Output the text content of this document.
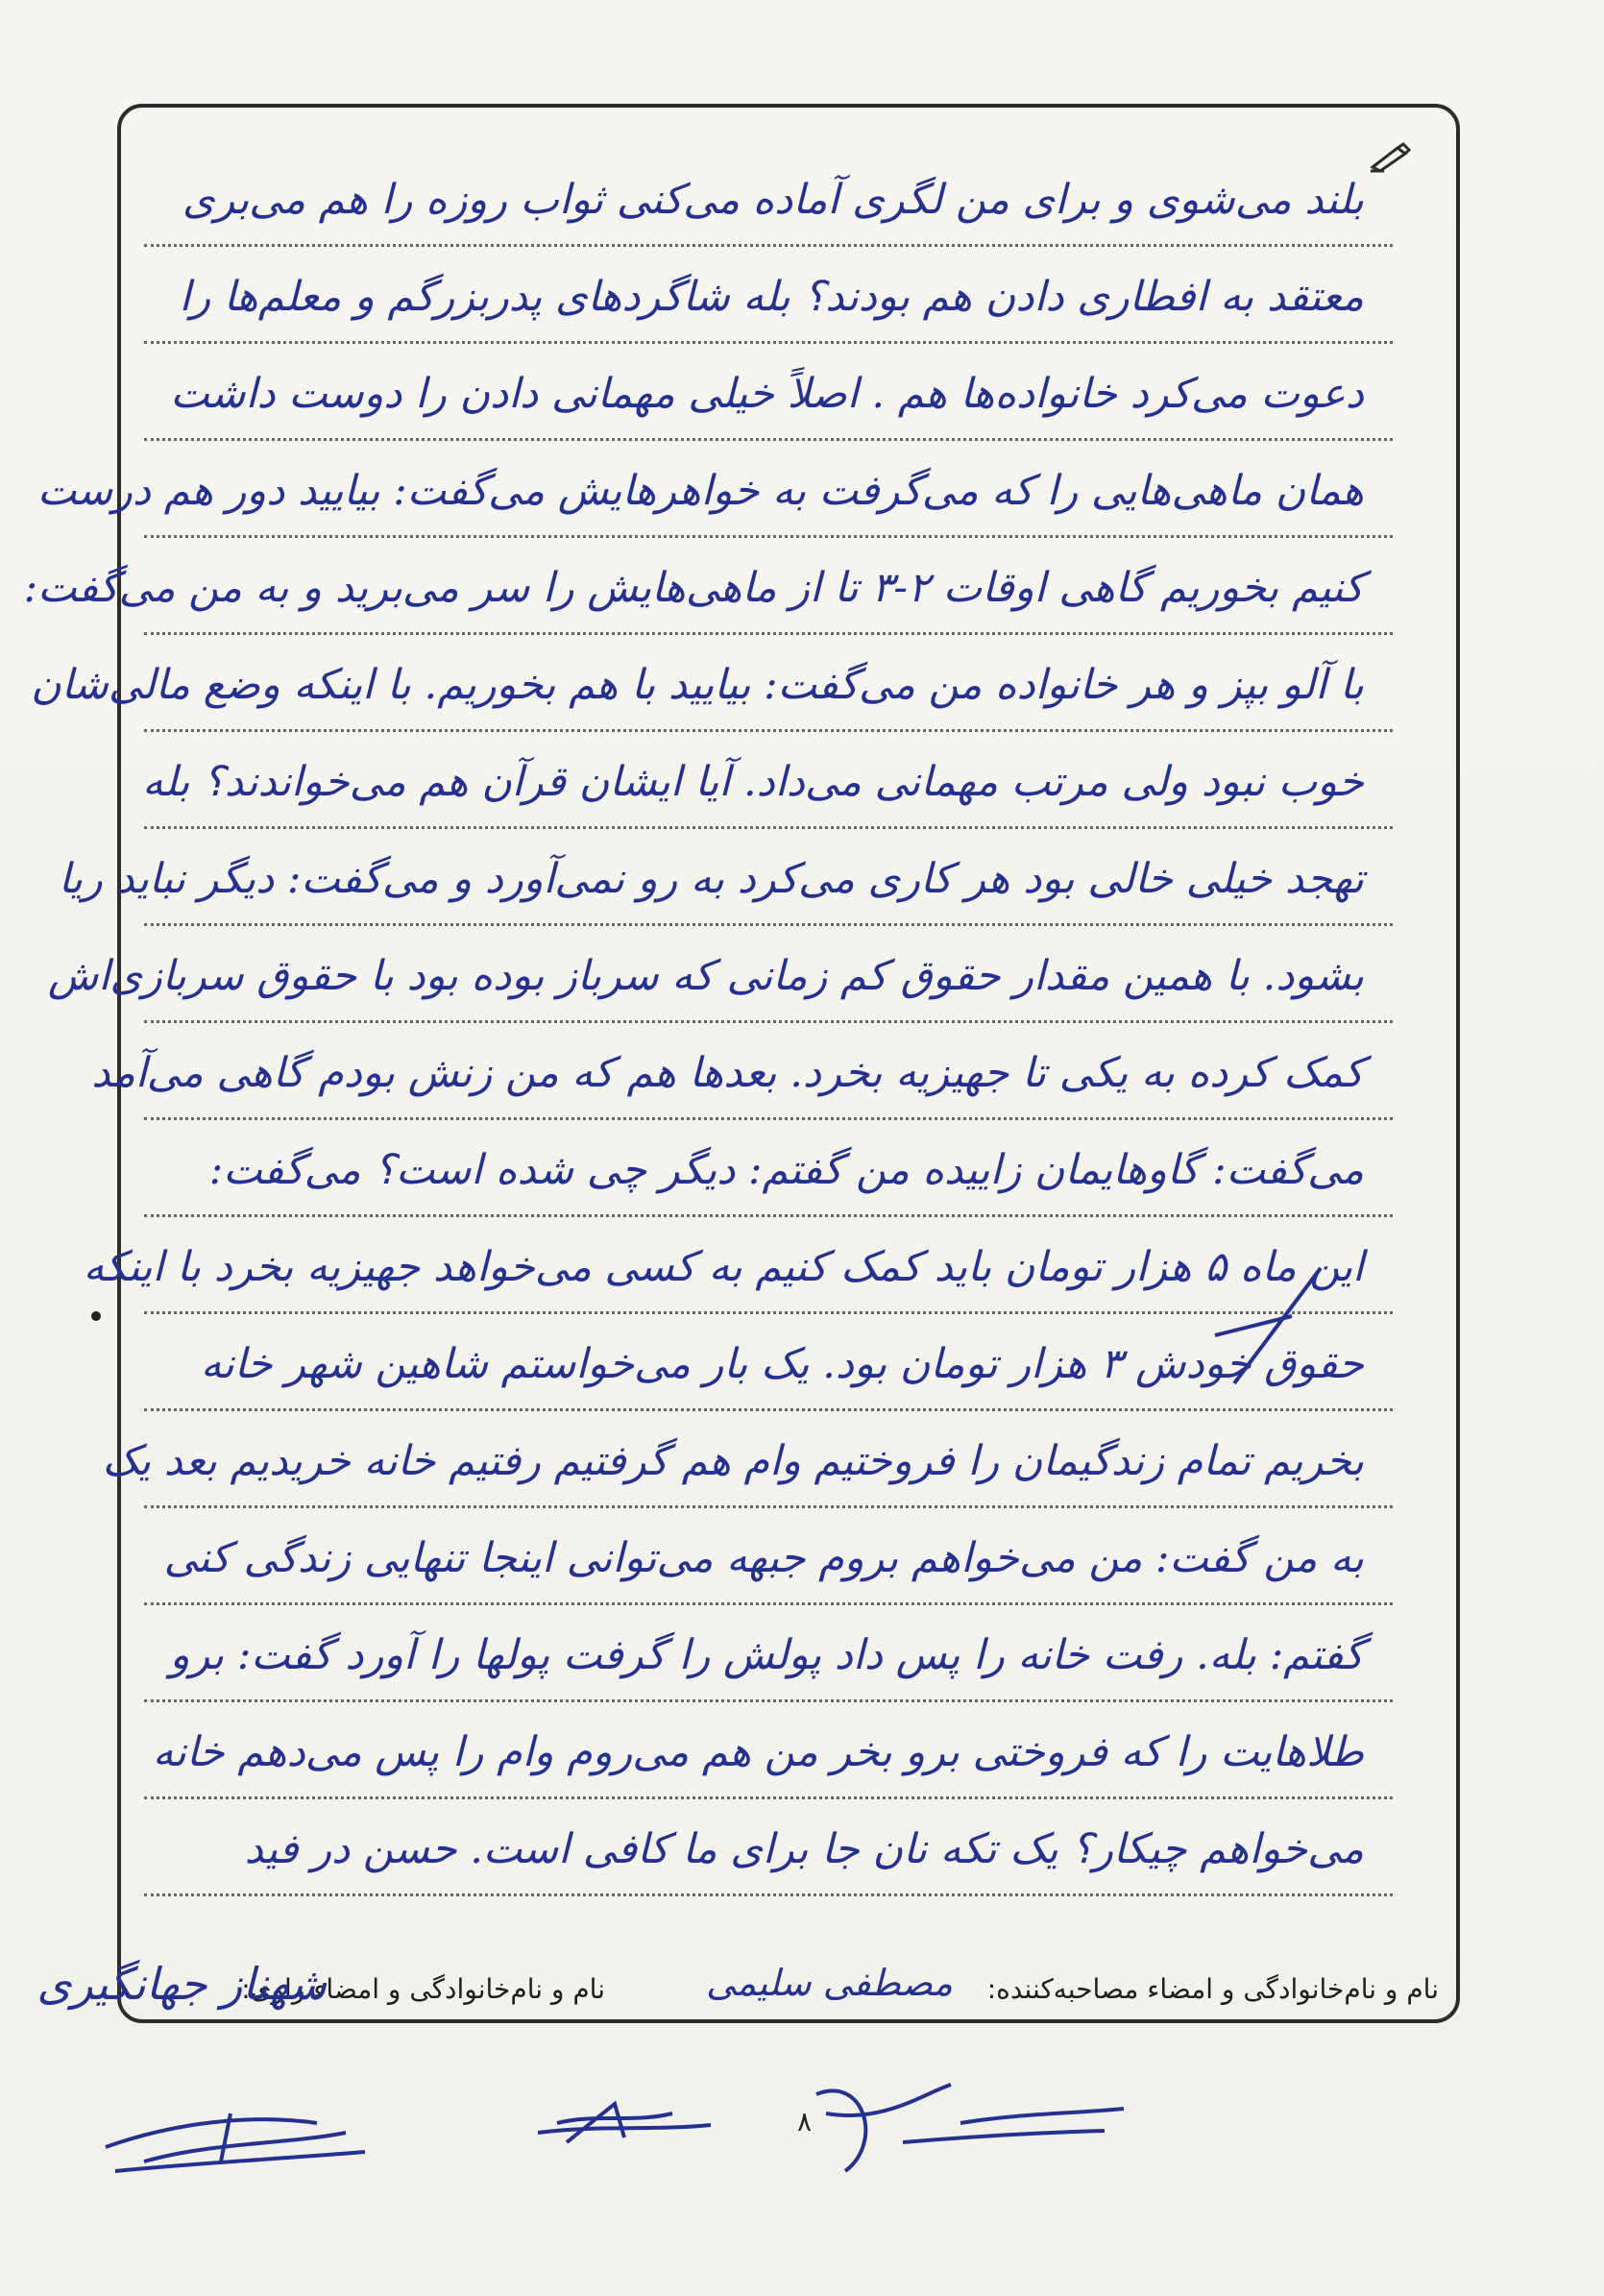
بلند می‌شوی و برای من لگری آماده می‌کنی ثواب روزه را هم می‌بری
معتقد به افطاری دادن هم بودند؟ بله شاگردهای پدربزرگم و معلم‌ها را
دعوت می‌کرد خانواده‌ها هم . اصلاً خیلی مهمانی دادن را دوست داشت
همان ماهی‌هایی را که می‌گرفت به خواهرهایش می‌گفت: بیایید دور هم درست
کنیم بخوریم گاهی اوقات ۲-۳ تا از ماهی‌هایش را سر می‌برید و به من می‌گفت:
با آلو بپز و هر خانواده من می‌گفت: بیایید با هم بخوریم. با اینکه وضع مالی‌شان
خوب نبود ولی مرتب مهمانی می‌داد. آیا ایشان قرآن هم می‌خواندند؟ بله
تهجد خیلی خالی بود هر کاری می‌کرد به رو نمی‌آورد و می‌گفت: دیگر نباید ریا
بشود. با همین مقدار حقوق کم زمانی که سرباز بوده بود با حقوق سربازی‌اش
کمک کرده به یکی تا جهیزیه بخرد. بعدها هم که من زنش بودم گاهی می‌آمد
می‌گفت: گاوهایمان زاییده من گفتم: دیگر چی شده است؟ می‌گفت:
این ماه ۵ هزار تومان باید کمک کنیم به کسی می‌خواهد جهیزیه بخرد با اینکه
حقوق خودش ۳ هزار تومان بود. یک بار می‌خواستم شاهین شهر خانه
بخریم تمام زندگیمان را فروختیم وام هم گرفتیم رفتیم خانه خریدیم بعد یک
به من گفت: من می‌خواهم بروم جبهه می‌توانی اینجا تنهایی زندگی کنی
گفتم: بله. رفت خانه را پس داد پولش را گرفت پولها را آورد گفت: برو
طلاهایت را که فروختی برو بخر من هم می‌روم وام را پس می‌دهم خانه
می‌خواهم چیکار؟ یک تکه نان جا برای ما کافی است. حسن در فید
نام و نام‌خانوادگی و امضاء مصاحبه‌کننده:
مصطفی سلیمی
نام و نام‌خانوادگی و امضاء راوی:
شهناز جهانگیری
۸
